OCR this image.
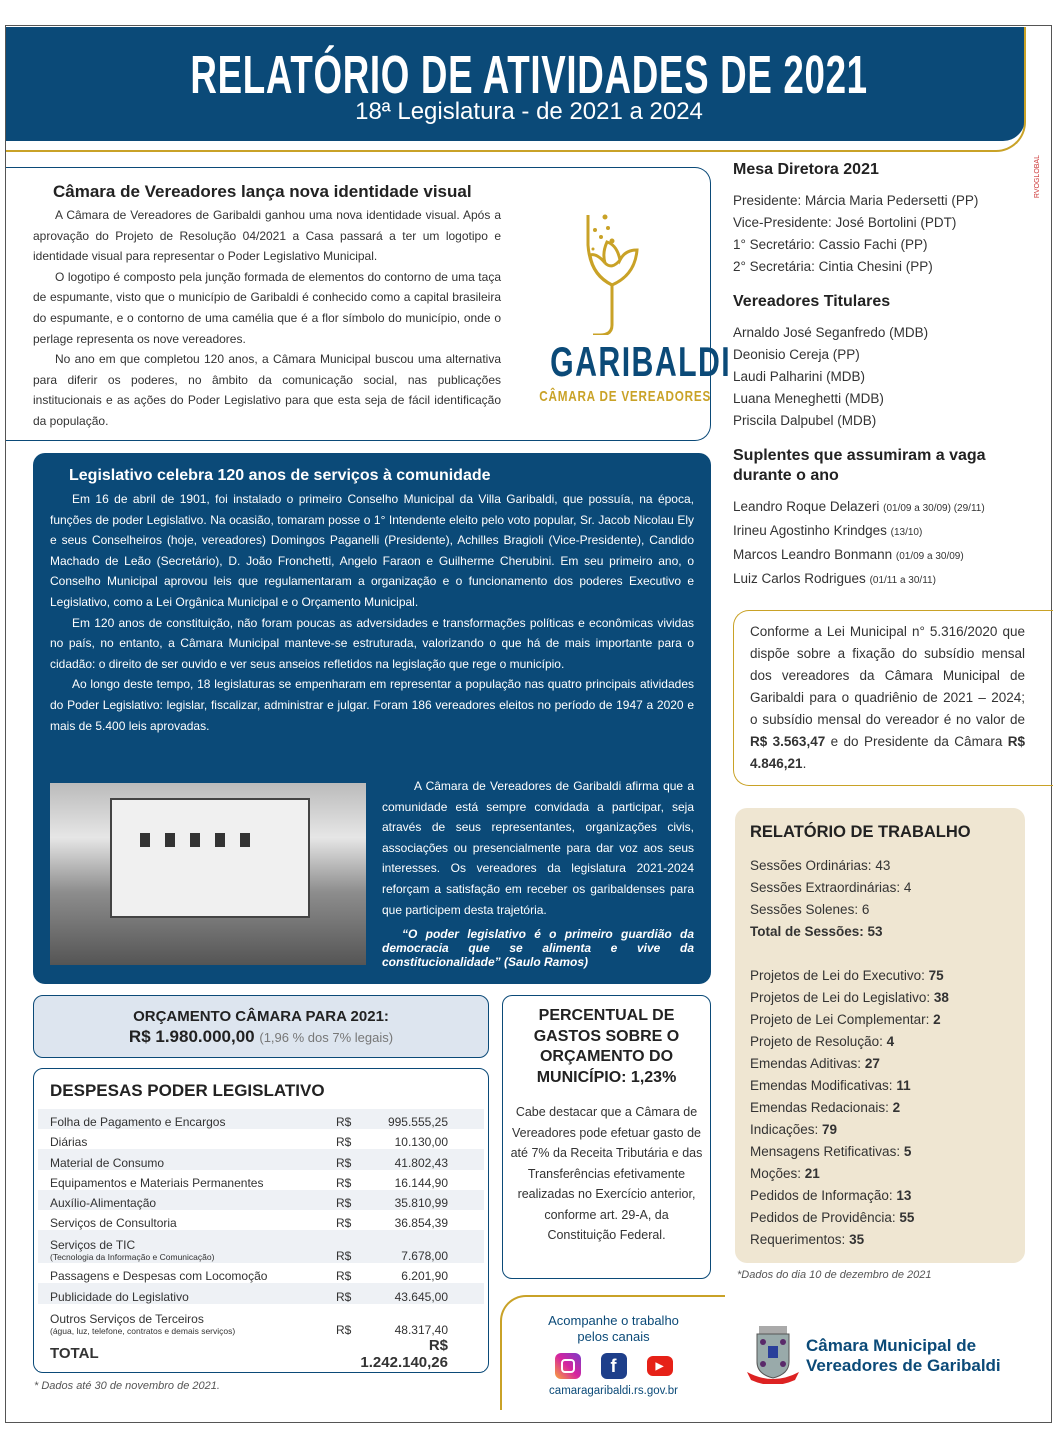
RELATÓRIO DE ATIVIDADES DE 2021
18ª Legislatura - de 2021 a 2024
RVOGLOBAL
Câmara de Vereadores lança nova identidade visual

A Câmara de Vereadores de Garibaldi ganhou uma nova identidade visual. Após a aprovação do Projeto de Resolução 04/2021 a Casa passará a ter um logotipo e identidade visual para representar o Poder Legislativo Municipal.

O logotipo é composto pela junção formada de elementos do contorno de uma taça de espumante, visto que o município de Garibaldi é conhecido como a capital brasileira do espumante, e o contorno de uma camélia que é a flor símbolo do município, onde o perlage representa os nove vereadores.

No ano em que completou 120 anos, a Câmara Municipal buscou uma alternativa para diferir os poderes, no âmbito da comunicação social, nas publicações institucionais e as ações do Poder Legislativo para que esta seja de fácil identificação da população.

GARIBALDI
CÂMARA DE VEREADORES
Legislativo celebra 120 anos de serviços à comunidade

Em 16 de abril de 1901, foi instalado o primeiro Conselho Municipal da Villa Garibaldi, que possuía, na época, funções de poder Legislativo. Na ocasião, tomaram posse o 1° Intendente eleito pelo voto popular, Sr. Jacob Nicolau Ely e seus Conselheiros (hoje, vereadores) Domingos Paganelli (Presidente), Achilles Bragioli (Vice-Presidente), Candido Machado de Leão (Secretário), D. João Fronchetti, Angelo Faraon e Guilherme Cherubini. Em seu primeiro ano, o Conselho Municipal aprovou leis que regulamentaram a organização e o funcionamento dos poderes Executivo e Legislativo, como a Lei Orgânica Municipal e o Orçamento Municipal.

Em 120 anos de constituição, não foram poucas as adversidades e transformações políticas e econômicas vividas no país, no entanto, a Câmara Municipal manteve-se estruturada, valorizando o que há de mais importante para o cidadão: o direito de ser ouvido e ver seus anseios refletidos na legislação que rege o município.

Ao longo deste tempo, 18 legislaturas se empenharam em representar a população nas quatro principais atividades do Poder Legislativo: legislar, fiscalizar, administrar e julgar. Foram 186 vereadores eleitos no período de 1947 a 2020 e mais de 5.400 leis aprovadas.

A Câmara de Vereadores de Garibaldi afirma que a comunidade está sempre convidada a participar, seja através de seus representantes, organizações civis, associações ou presencialmente para dar voz aos seus interesses. Os vereadores da legislatura 2021-2024 reforçam a satisfação em receber os garibaldenses para que participem desta trajetória.

“O poder legislativo é o primeiro guardião da democracia que se alimenta e vive da constitucionalidade” (Saulo Ramos)

ORÇAMENTO CÂMARA PARA 2021:
R$ 1.980.000,00 (1,96 % dos 7% legais)
DESPESAS PODER LEGISLATIVO
Folha de Pagamento e Encargos	R$	995.555,25
Diárias	R$	10.130,00
Material de Consumo	R$	41.802,43
Equipamentos e Materiais Permanentes	R$	16.144,90
Auxílio-Alimentação	R$	35.810,99
Serviços de Consultoria	R$	36.854,39
Serviços de TIC
(Tecnologia da Informação e Comunicação)	R$	7.678,00
Passagens e Despesas com Locomoção	R$	6.201,90
Publicidade do Legislativo	R$	43.645,00
Outros Serviços de Terceiros
(água, luz, telefone, contratos e demais serviços)	R$	48.317,40
TOTAL	R$ 1.242.140,26	
* Dados até 30 de novembro de 2021.
PERCENTUAL DE GASTOS SOBRE O ORÇAMENTO DO MUNICÍPIO: 1,23%

Cabe destacar que a Câmara de Vereadores pode efetuar gasto de até 7% da Receita Tributária e das Transferências efetivamente realizadas no Exercício anterior, conforme art. 29-A, da Constituição Federal.

Acompanhe o trabalho pelos canais
f	▶
camaragaribaldi.rs.gov.br
Mesa Diretora 2021
Presidente: Márcia Maria Pedersetti (PP)
Vice-Presidente: José Bortolini (PDT)
1° Secretário: Cassio Fachi (PP)
2° Secretária: Cintia Chesini (PP)
Vereadores Titulares
Arnaldo José Seganfredo (MDB)
Deonisio Cereja (PP)
Laudi Palharini (MDB)
Luana Meneghetti (MDB)
Priscila Dalpubel (MDB)
Suplentes que assumiram a vaga durante o ano
Leandro Roque Delazeri (01/09 a 30/09) (29/11)
Irineu Agostinho Krindges (13/10)
Marcos Leandro Bonmann (01/09 a 30/09)
Luiz Carlos Rodrigues (01/11 a 30/11)

Conforme a Lei Municipal n° 5.316/2020 que dispõe sobre a fixação do subsídio mensal dos vereadores da Câmara Municipal de Garibaldi para o quadriênio de 2021 – 2024; o subsídio mensal do vereador é no valor de R$ 3.563,47 e do Presidente da Câmara R$ 4.846,21.

RELATÓRIO DE TRABALHO
Sessões Ordinárias: 43
Sessões Extraordinárias: 4
Sessões Solenes: 6
Total de Sessões: 53
Projetos de Lei do Executivo: 75
Projetos de Lei do Legislativo: 38
Projeto de Lei Complementar: 2
Projeto de Resolução: 4
Emendas Aditivas: 27
Emendas Modificativas: 11
Emendas Redacionais: 2
Indicações: 79
Mensagens Retificativas: 5
Moções: 21
Pedidos de Informação: 13
Pedidos de Providência: 55
Requerimentos: 35
*Dados do dia 10 de dezembro de 2021
Câmara Municipal de
Vereadores de Garibaldi
